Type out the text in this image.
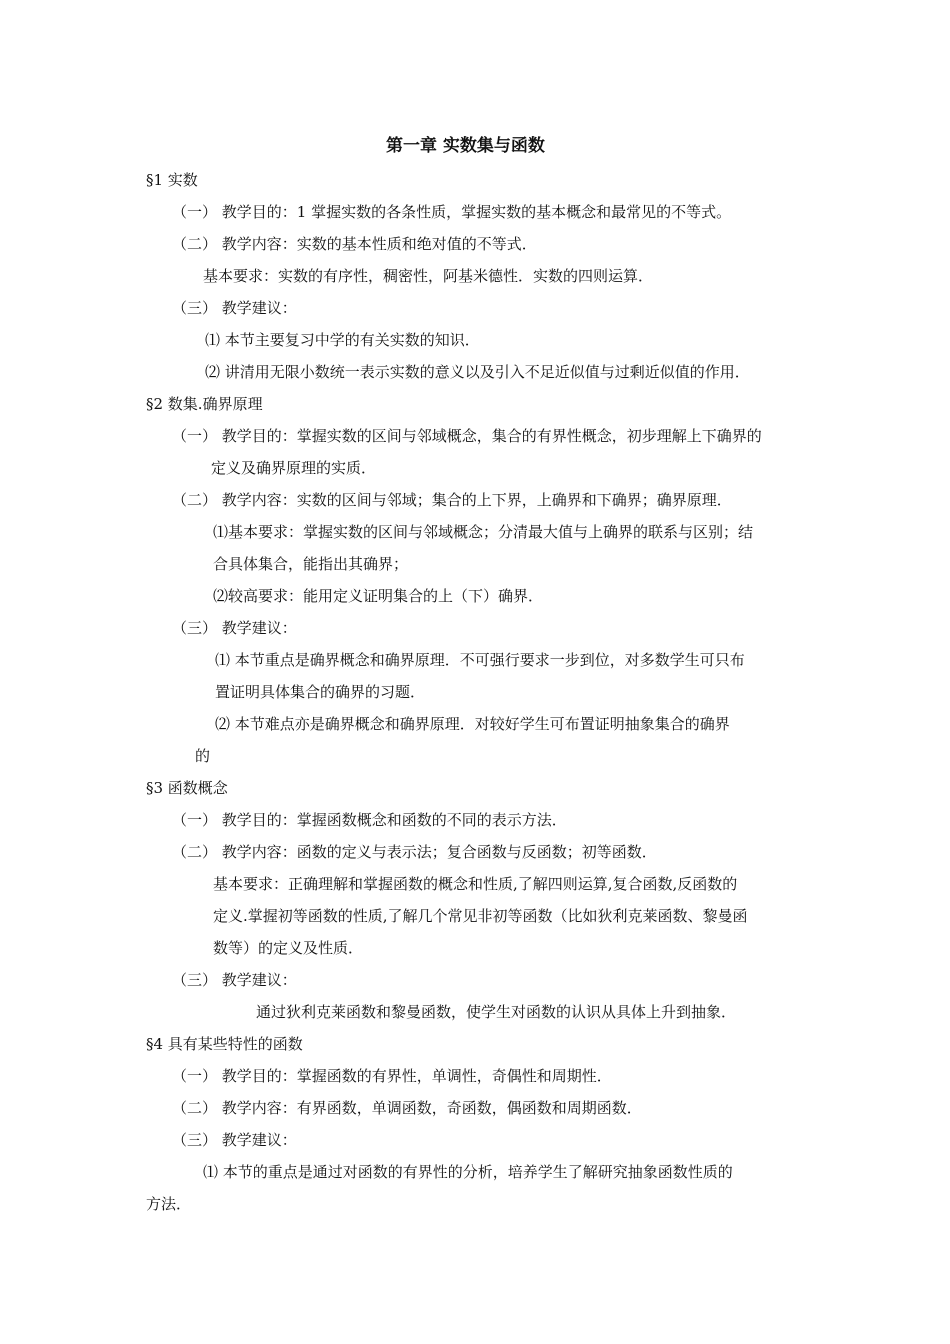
第一章 实数集与函数
§1 实数
（一） 教学目的：1 掌握实数的各条性质，掌握实数的基本概念和最常见的不等式。
（二） 教学内容：实数的基本性质和绝对值的不等式．
基本要求：实数的有序性，稠密性，阿基米德性．实数的四则运算．
（三） 教学建议：
⑴ 本节主要复习中学的有关实数的知识．
⑵ 讲清用无限小数统一表示实数的意义以及引入不足近似值与过剩近似值的作用．
§2 数集.确界原理
（一） 教学目的：掌握实数的区间与邻域概念，集合的有界性概念，初步理解上下确界的
定义及确界原理的实质．
（二） 教学内容：实数的区间与邻域；集合的上下界，上确界和下确界；确界原理．
⑴基本要求：掌握实数的区间与邻域概念；分清最大值与上确界的联系与区别；结
合具体集合，能指出其确界；
⑵较高要求：能用定义证明集合的上（下）确界．
（三） 教学建议：
⑴ 本节重点是确界概念和确界原理．不可强行要求一步到位，对多数学生可只布
置证明具体集合的确界的习题．
⑵ 本节难点亦是确界概念和确界原理．对较好学生可布置证明抽象集合的确界
的
§3 函数概念
（一） 教学目的：掌握函数概念和函数的不同的表示方法．
（二） 教学内容：函数的定义与表示法；复合函数与反函数；初等函数．
基本要求：正确理解和掌握函数的概念和性质,了解四则运算,复合函数,反函数的
定义.掌握初等函数的性质,了解几个常见非初等函数（比如狄利克莱函数、黎曼函
数等）的定义及性质．
（三） 教学建议：
通过狄利克莱函数和黎曼函数，使学生对函数的认识从具体上升到抽象．
§4 具有某些特性的函数
（一） 教学目的：掌握函数的有界性，单调性，奇偶性和周期性．
（二） 教学内容：有界函数，单调函数，奇函数，偶函数和周期函数．
（三） 教学建议：
⑴ 本节的重点是通过对函数的有界性的分析，培养学生了解研究抽象函数性质的
方法．
